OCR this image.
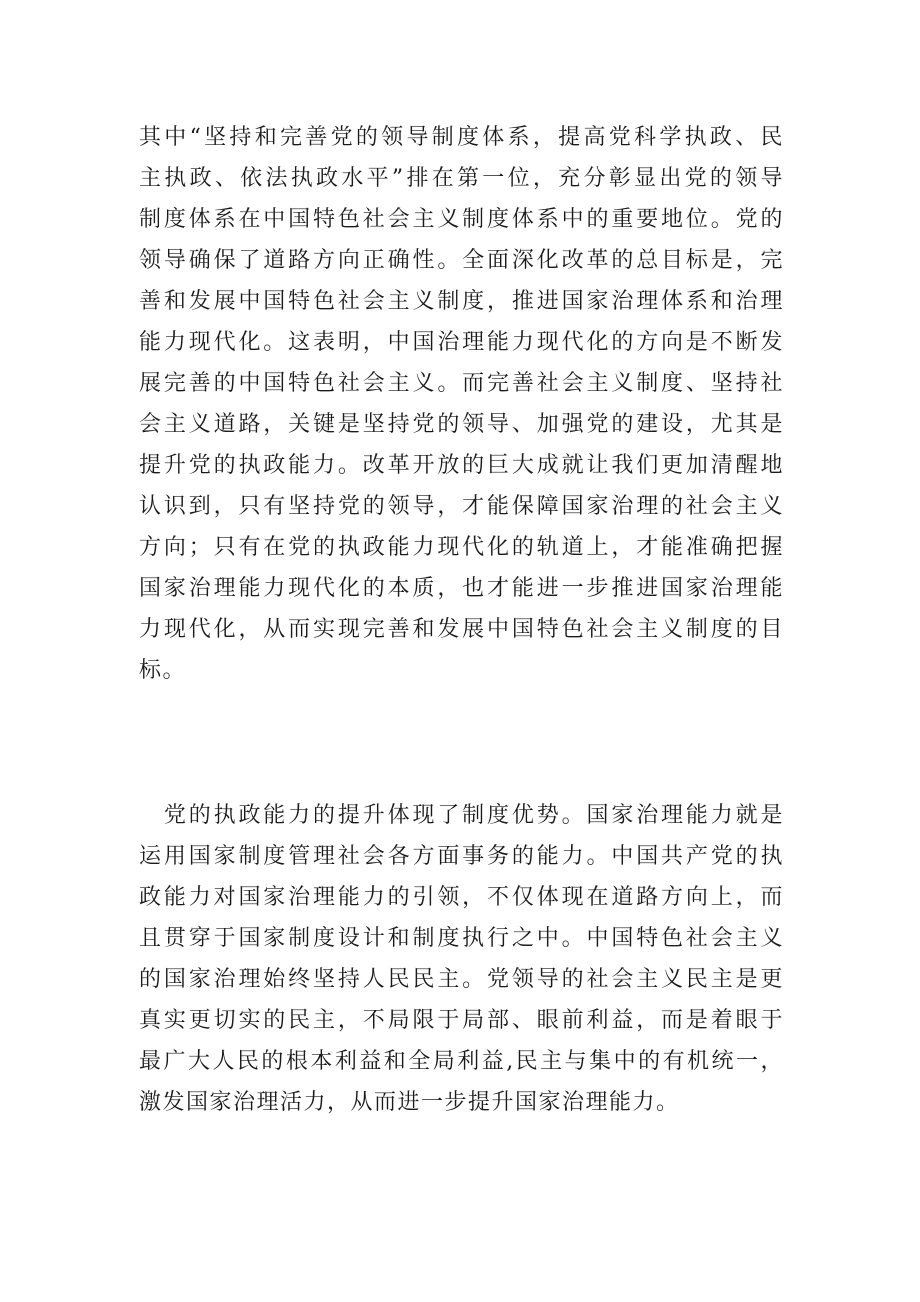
其中“坚持和完善党的领导制度体系，提高党科学执政、民
主执政、依法执政水平”排在第一位，充分彰显出党的领导
制度体系在中国特色社会主义制度体系中的重要地位。党的
领导确保了道路方向正确性。全面深化改革的总目标是，完
善和发展中国特色社会主义制度，推进国家治理体系和治理
能力现代化。这表明，中国治理能力现代化的方向是不断发
展完善的中国特色社会主义。而完善社会主义制度、坚持社
会主义道路，关键是坚持党的领导、加强党的建设，尤其是
提升党的执政能力。改革开放的巨大成就让我们更加清醒地
认识到，只有坚持党的领导，才能保障国家治理的社会主义
方向；只有在党的执政能力现代化的轨道上，才能准确把握
国家治理能力现代化的本质，也才能进一步推进国家治理能
力现代化，从而实现完善和发展中国特色社会主义制度的目
标。
　党的执政能力的提升体现了制度优势。国家治理能力就是
运用国家制度管理社会各方面事务的能力。中国共产党的执
政能力对国家治理能力的引领，不仅体现在道路方向上，而
且贯穿于国家制度设计和制度执行之中。中国特色社会主义
的国家治理始终坚持人民民主。党领导的社会主义民主是更
真实更切实的民主，不局限于局部、眼前利益，而是着眼于
最广大人民的根本利益和全局利益,民主与集中的有机统一，
激发国家治理活力，从而进一步提升国家治理能力。
